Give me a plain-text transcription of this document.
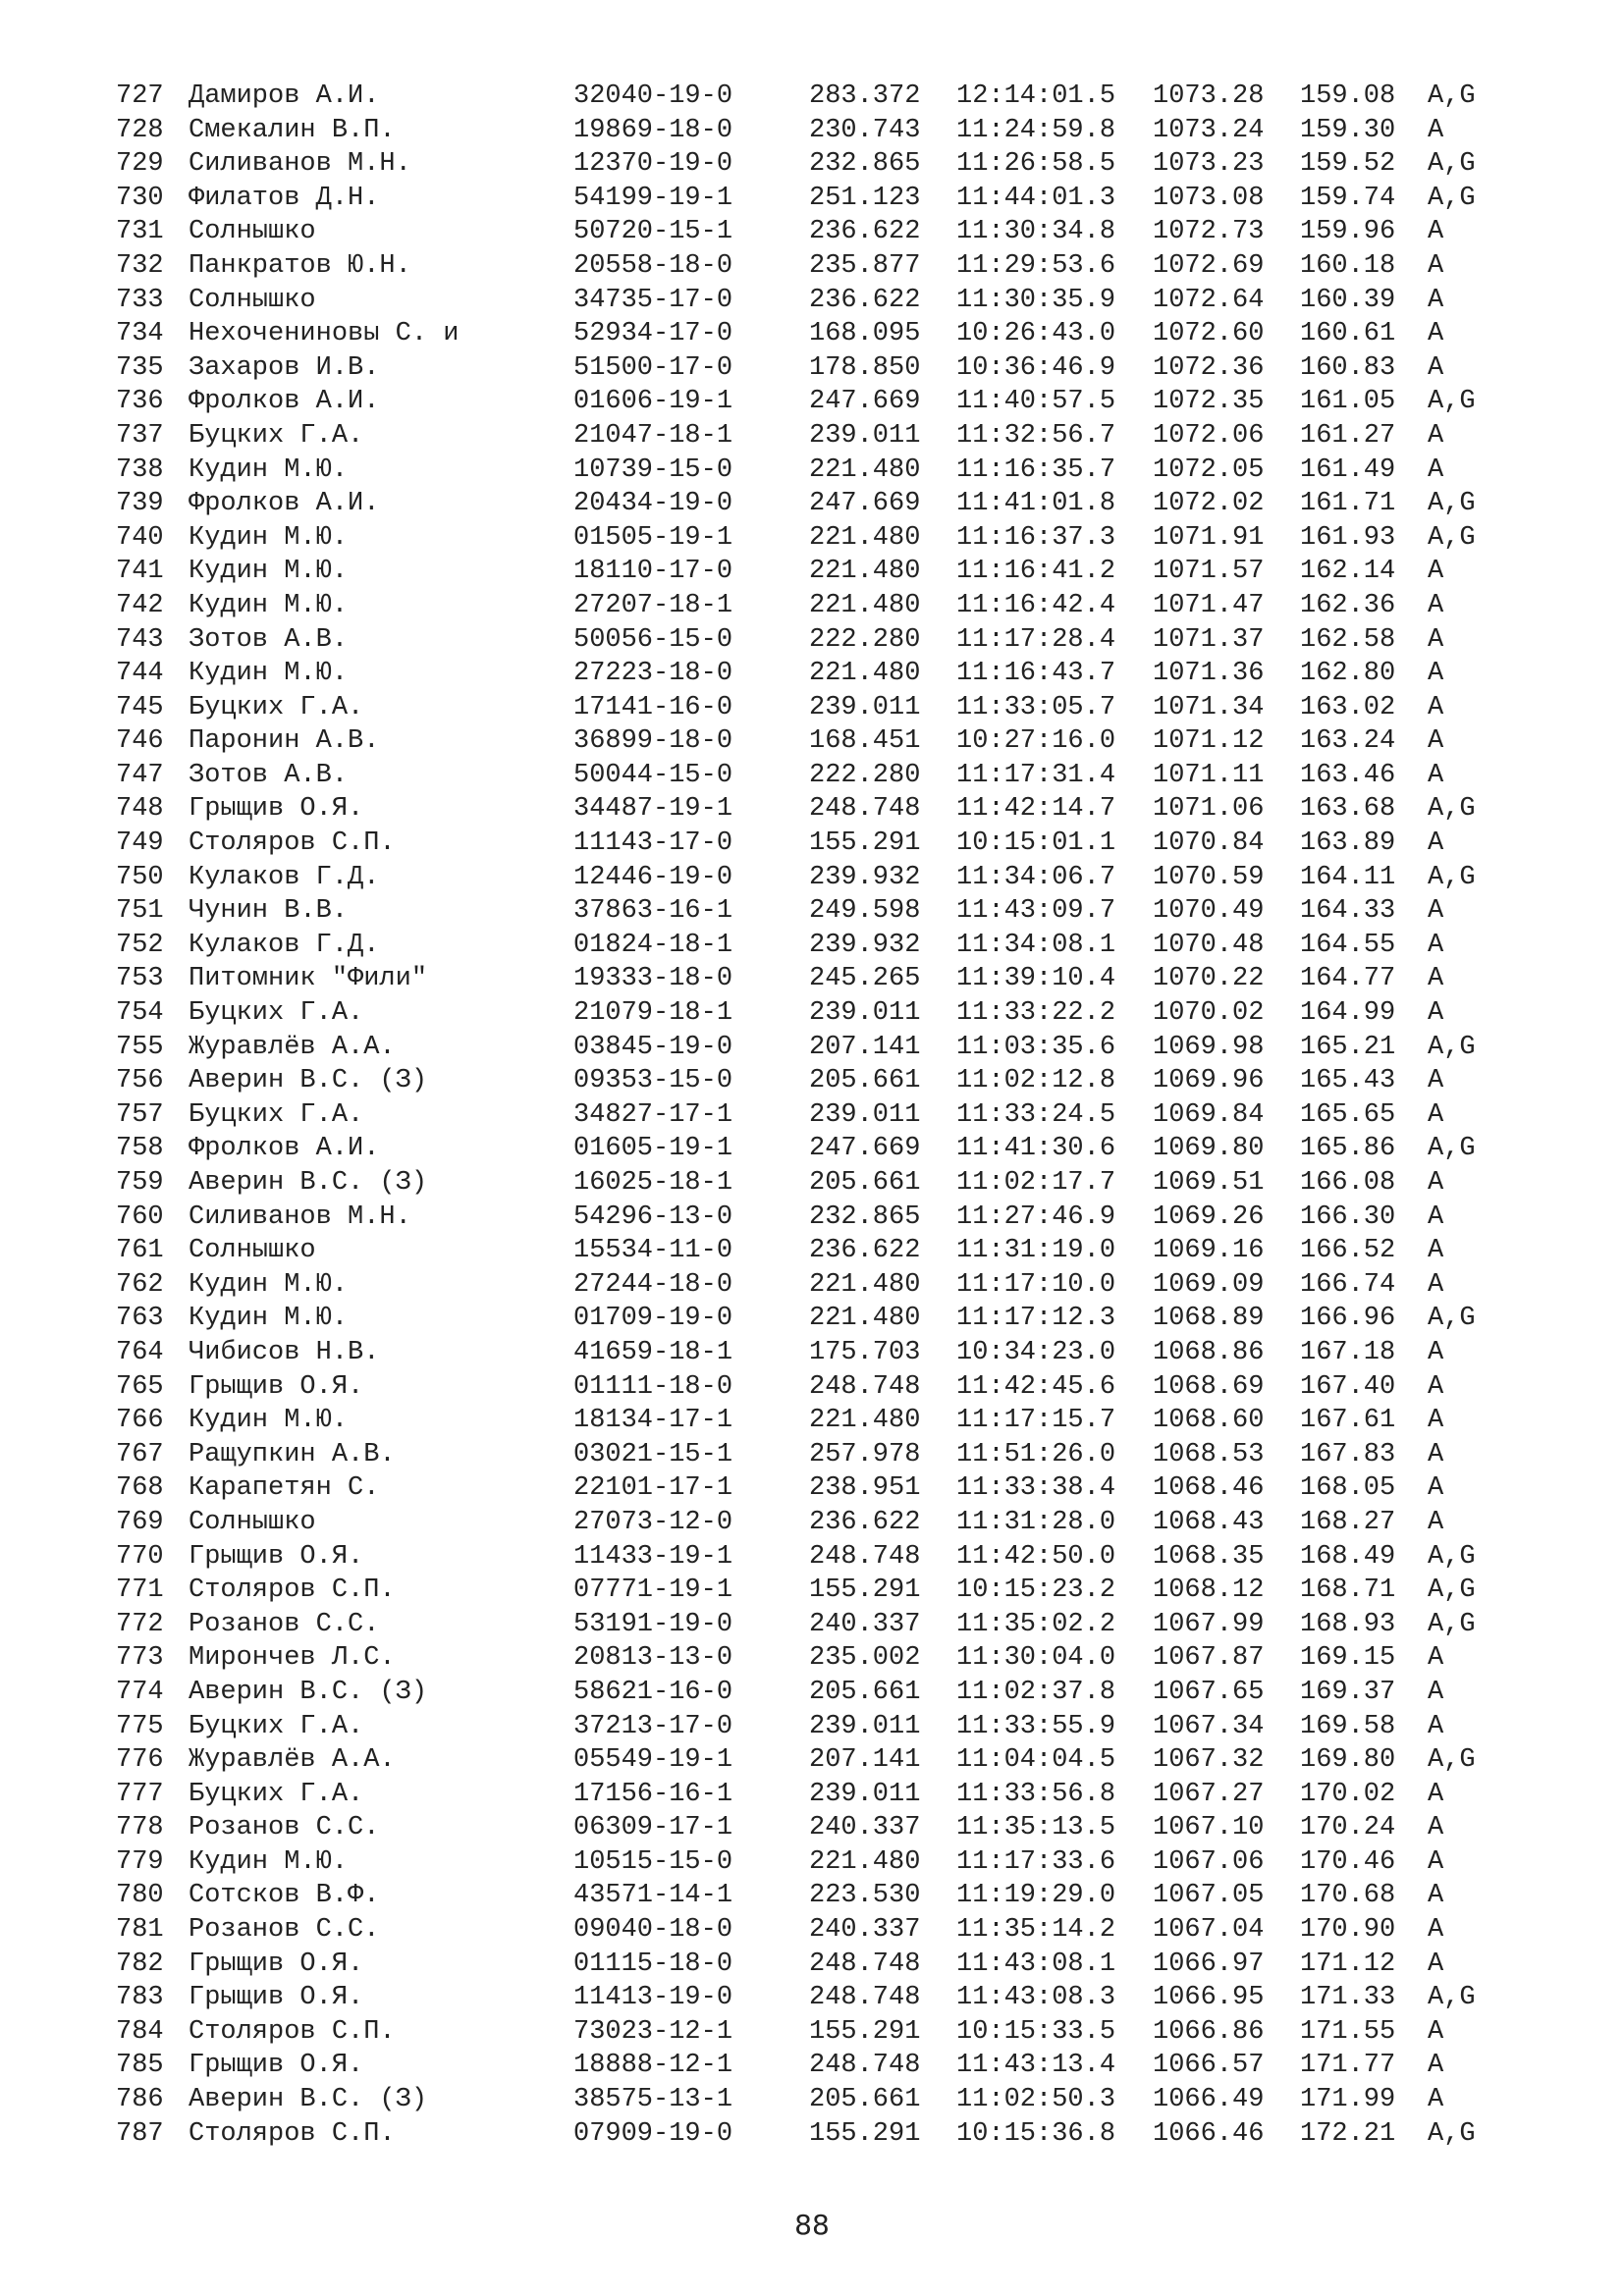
727 Дамиров А.И.	32040-19-0	283.372 12:14:01.5 1073.28 159.08 A,G
728 Смекалин В.П.	19869-18-0	230.743 11:24:59.8 1073.24 159.30 A
729 Силиванов М.Н.	12370-19-0	232.865 11:26:58.5 1073.23 159.52 A,G
730 Филатов Д.Н.	54199-19-1	251.123 11:44:01.3 1073.08 159.74 A,G
731 Солнышко	50720-15-1	236.622 11:30:34.8 1072.73 159.96 A
732 Панкратов Ю.Н.	20558-18-0	235.877 11:29:53.6 1072.69 160.18 A
733 Солнышко	34735-17-0	236.622 11:30:35.9 1072.64 160.39 A
734 Нехочениновы С. и	52934-17-0	168.095 10:26:43.0 1072.60 160.61 A
735 Захаров И.В.	51500-17-0	178.850 10:36:46.9 1072.36 160.83 A
736 Фролков А.И.	01606-19-1	247.669 11:40:57.5 1072.35 161.05 A,G
737 Буцких Г.А.	21047-18-1	239.011 11:32:56.7 1072.06 161.27 A
738 Кудин М.Ю.	10739-15-0	221.480 11:16:35.7 1072.05 161.49 A
739 Фролков А.И.	20434-19-0	247.669 11:41:01.8 1072.02 161.71 A,G
740 Кудин М.Ю.	01505-19-1	221.480 11:16:37.3 1071.91 161.93 A,G
741 Кудин М.Ю.	18110-17-0	221.480 11:16:41.2 1071.57 162.14 A
742 Кудин М.Ю.	27207-18-1	221.480 11:16:42.4 1071.47 162.36 A
743 Зотов А.В.	50056-15-0	222.280 11:17:28.4 1071.37 162.58 A
744 Кудин М.Ю.	27223-18-0	221.480 11:16:43.7 1071.36 162.80 A
745 Буцких Г.А.	17141-16-0	239.011 11:33:05.7 1071.34 163.02 A
746 Паронин А.В.	36899-18-0	168.451 10:27:16.0 1071.12 163.24 A
747 Зотов А.В.	50044-15-0	222.280 11:17:31.4 1071.11 163.46 A
748 Грыщив О.Я.	34487-19-1	248.748 11:42:14.7 1071.06 163.68 A,G
749 Столяров С.П.	11143-17-0	155.291 10:15:01.1 1070.84 163.89 A
750 Кулаков Г.Д.	12446-19-0	239.932 11:34:06.7 1070.59 164.11 A,G
751 Чунин В.В.	37863-16-1	249.598 11:43:09.7 1070.49 164.33 A
752 Кулаков Г.Д.	01824-18-1	239.932 11:34:08.1 1070.48 164.55 A
753 Питомник "Фили"	19333-18-0	245.265 11:39:10.4 1070.22 164.77 A
754 Буцких Г.А.	21079-18-1	239.011 11:33:22.2 1070.02 164.99 A
755 Журавлёв А.А.	03845-19-0	207.141 11:03:35.6 1069.98 165.21 A,G
756 Аверин В.С. (З)	09353-15-0	205.661 11:02:12.8 1069.96 165.43 A
757 Буцких Г.А.	34827-17-1	239.011 11:33:24.5 1069.84 165.65 A
758 Фролков А.И.	01605-19-1	247.669 11:41:30.6 1069.80 165.86 A,G
759 Аверин В.С. (З)	16025-18-1	205.661 11:02:17.7 1069.51 166.08 A
760 Силиванов М.Н.	54296-13-0	232.865 11:27:46.9 1069.26 166.30 A
761 Солнышко	15534-11-0	236.622 11:31:19.0 1069.16 166.52 A
762 Кудин М.Ю.	27244-18-0	221.480 11:17:10.0 1069.09 166.74 A
763 Кудин М.Ю.	01709-19-0	221.480 11:17:12.3 1068.89 166.96 A,G
764 Чибисов Н.В.	41659-18-1	175.703 10:34:23.0 1068.86 167.18 A
765 Грыщив О.Я.	01111-18-0	248.748 11:42:45.6 1068.69 167.40 A
766 Кудин М.Ю.	18134-17-1	221.480 11:17:15.7 1068.60 167.61 A
767 Ращупкин А.В.	03021-15-1	257.978 11:51:26.0 1068.53 167.83 A
768 Карапетян С.	22101-17-1	238.951 11:33:38.4 1068.46 168.05 A
769 Солнышко	27073-12-0	236.622 11:31:28.0 1068.43 168.27 A
770 Грыщив О.Я.	11433-19-1	248.748 11:42:50.0 1068.35 168.49 A,G
771 Столяров С.П.	07771-19-1	155.291 10:15:23.2 1068.12 168.71 A,G
772 Розанов С.С.	53191-19-0	240.337 11:35:02.2 1067.99 168.93 A,G
773 Мирончев Л.С.	20813-13-0	235.002 11:30:04.0 1067.87 169.15 A
774 Аверин В.С. (З)	58621-16-0	205.661 11:02:37.8 1067.65 169.37 A
775 Буцких Г.А.	37213-17-0	239.011 11:33:55.9 1067.34 169.58 A
776 Журавлёв А.А.	05549-19-1	207.141 11:04:04.5 1067.32 169.80 A,G
777 Буцких Г.А.	17156-16-1	239.011 11:33:56.8 1067.27 170.02 A
778 Розанов С.С.	06309-17-1	240.337 11:35:13.5 1067.10 170.24 A
779 Кудин М.Ю.	10515-15-0	221.480 11:17:33.6 1067.06 170.46 A
780 Сотсков В.Ф.	43571-14-1	223.530 11:19:29.0 1067.05 170.68 A
781 Розанов С.С.	09040-18-0	240.337 11:35:14.2 1067.04 170.90 A
782 Грыщив О.Я.	01115-18-0	248.748 11:43:08.1 1066.97 171.12 A
783 Грыщив О.Я.	11413-19-0	248.748 11:43:08.3 1066.95 171.33 A,G
784 Столяров С.П.	73023-12-1	155.291 10:15:33.5 1066.86 171.55 A
785 Грыщив О.Я.	18888-12-1	248.748 11:43:13.4 1066.57 171.77 A
786 Аверин В.С. (З)	38575-13-1	205.661 11:02:50.3 1066.49 171.99 A
787 Столяров С.П.	07909-19-0	155.291 10:15:36.8 1066.46 172.21 A,G
88
